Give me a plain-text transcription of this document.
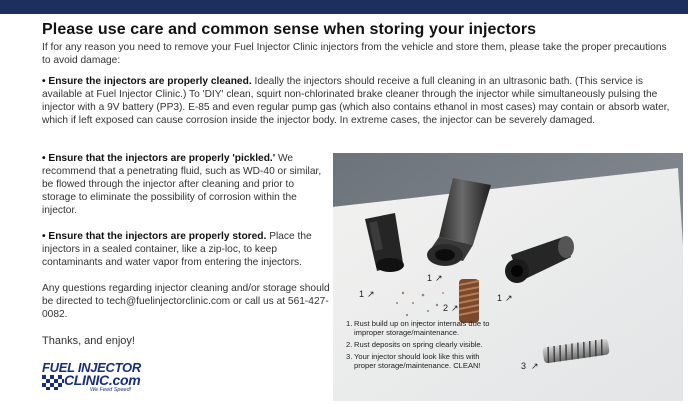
Please use care and common sense when storing your injectors
If for any reason you need to remove your Fuel Injector Clinic injectors from the vehicle and store them, please take the proper precautions to avoid damage:
• Ensure the injectors are properly cleaned. Ideally the injectors should receive a full cleaning in an ultrasonic bath. (This service is available at Fuel Injector Clinic.) To 'DIY' clean, squirt non-chlorinated brake cleaner through the injector while simultaneously pulsing the injector with a 9V battery (PP3). E-85 and even regular pump gas (which also contains ethanol in most cases) may contain or absorb water, which if left exposed can cause corrosion inside the injector body. In extreme cases, the injector can be severely damaged.
• Ensure that the injectors are properly 'pickled.' We recommend that a penetrating fluid, such as WD-40 or similar, be flowed through the injector after cleaning and prior to storage to eliminate the possibility of corrosion within the injector.
• Ensure that the injectors are properly stored. Place the injectors in a sealed container, like a zip-loc, to keep contaminants and water vapor from entering the injectors.
Any questions regarding injector cleaning and/or storage should be directed to tech@fuelinjectorclinic.com or call us at 561-427-0082.
Thanks, and enjoy!
FUEL INJECTOR
CLINIC.com
We Feed Speed!
1 ↗
1 ↗
2 ↗
1 ↗
3 ↗
1. Rust build up on injector internals due to improper storage/maintenance.
2. Rust deposits on spring clearly visible.
3. Your injector should look like this with proper storage/maintenance. CLEAN!
